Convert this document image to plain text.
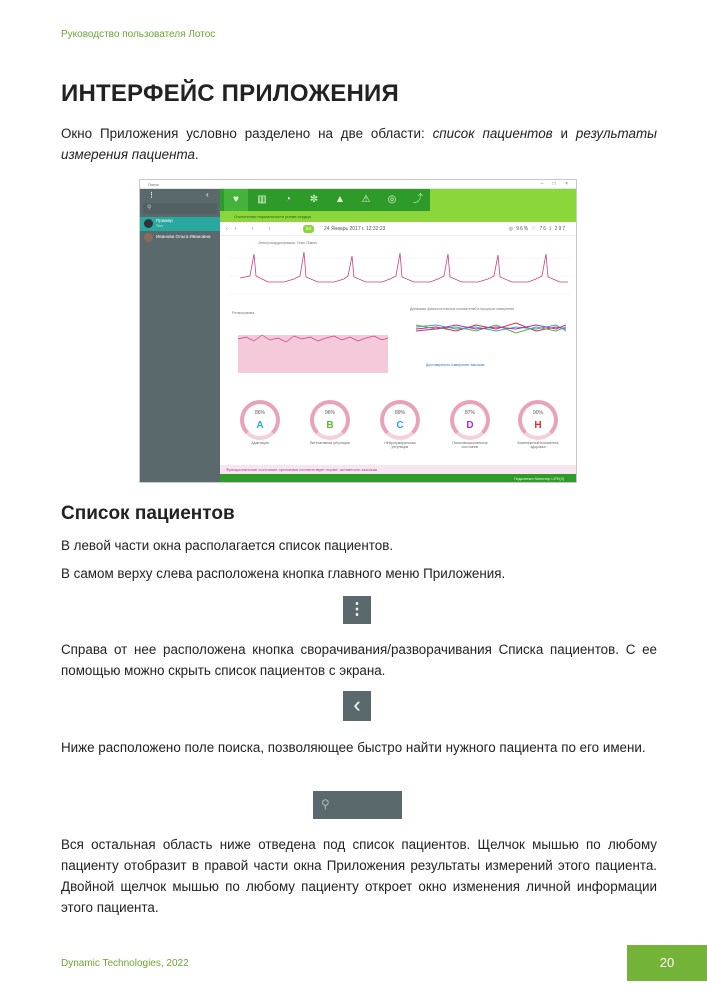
Руководство пользователя Лотос
ИНТЕРФЕЙС ПРИЛОЖЕНИЯ
Окно Приложения условно разделено на две области: список пациентов и результаты измерения пациента.
Лотос	– □ ×
⋮	‹
⚲
Пример
Тест
Иванова Ольга Ивановна
♥	▥	◔	✼	▲	⚠	◎	⤴
Отклонения нормальности ритма сердца
‹‹ ‹ ›	54	24 Январь 2017 г. 12:32:23	◎ 96% ♡ 76 ⟟ 297
Электрокардиограмма. Темп 25мм/с
Ритмограмма
Динамика физиологических показателей в процессе измерения
Достоверность измерения: высокая
86%
A
Адаптация
96%
B
Вегетативная регуляция
89%
C
Нейрогуморальная регуляция
87%
D
Психоэмоциональное состояние
90%
H
Комплексный показатель здоровья
Функциональное состояние организма соответствует норме, активность высокая
Подключен Монитор LIFE(4)
Список пациентов
В левой части окна располагается список пациентов.
В самом верху слева расположена кнопка главного меню Приложения.
⋮
Справа от нее расположена кнопка сворачивания/разворачивания Списка пациентов. С ее помощью можно скрыть список пациентов с экрана.
‹
Ниже расположено поле поиска, позволяющее быстро найти нужного пациента по его имени.
⚲
Вся остальная область ниже отведена под список пациентов. Щелчок мышью по любому пациенту отобразит в правой части окна Приложения результаты измерений этого пациента. Двойной щелчок мышью по любому пациенту откроет окно изменения личной информации этого пациента.
Dynamic Technologies, 2022	20
